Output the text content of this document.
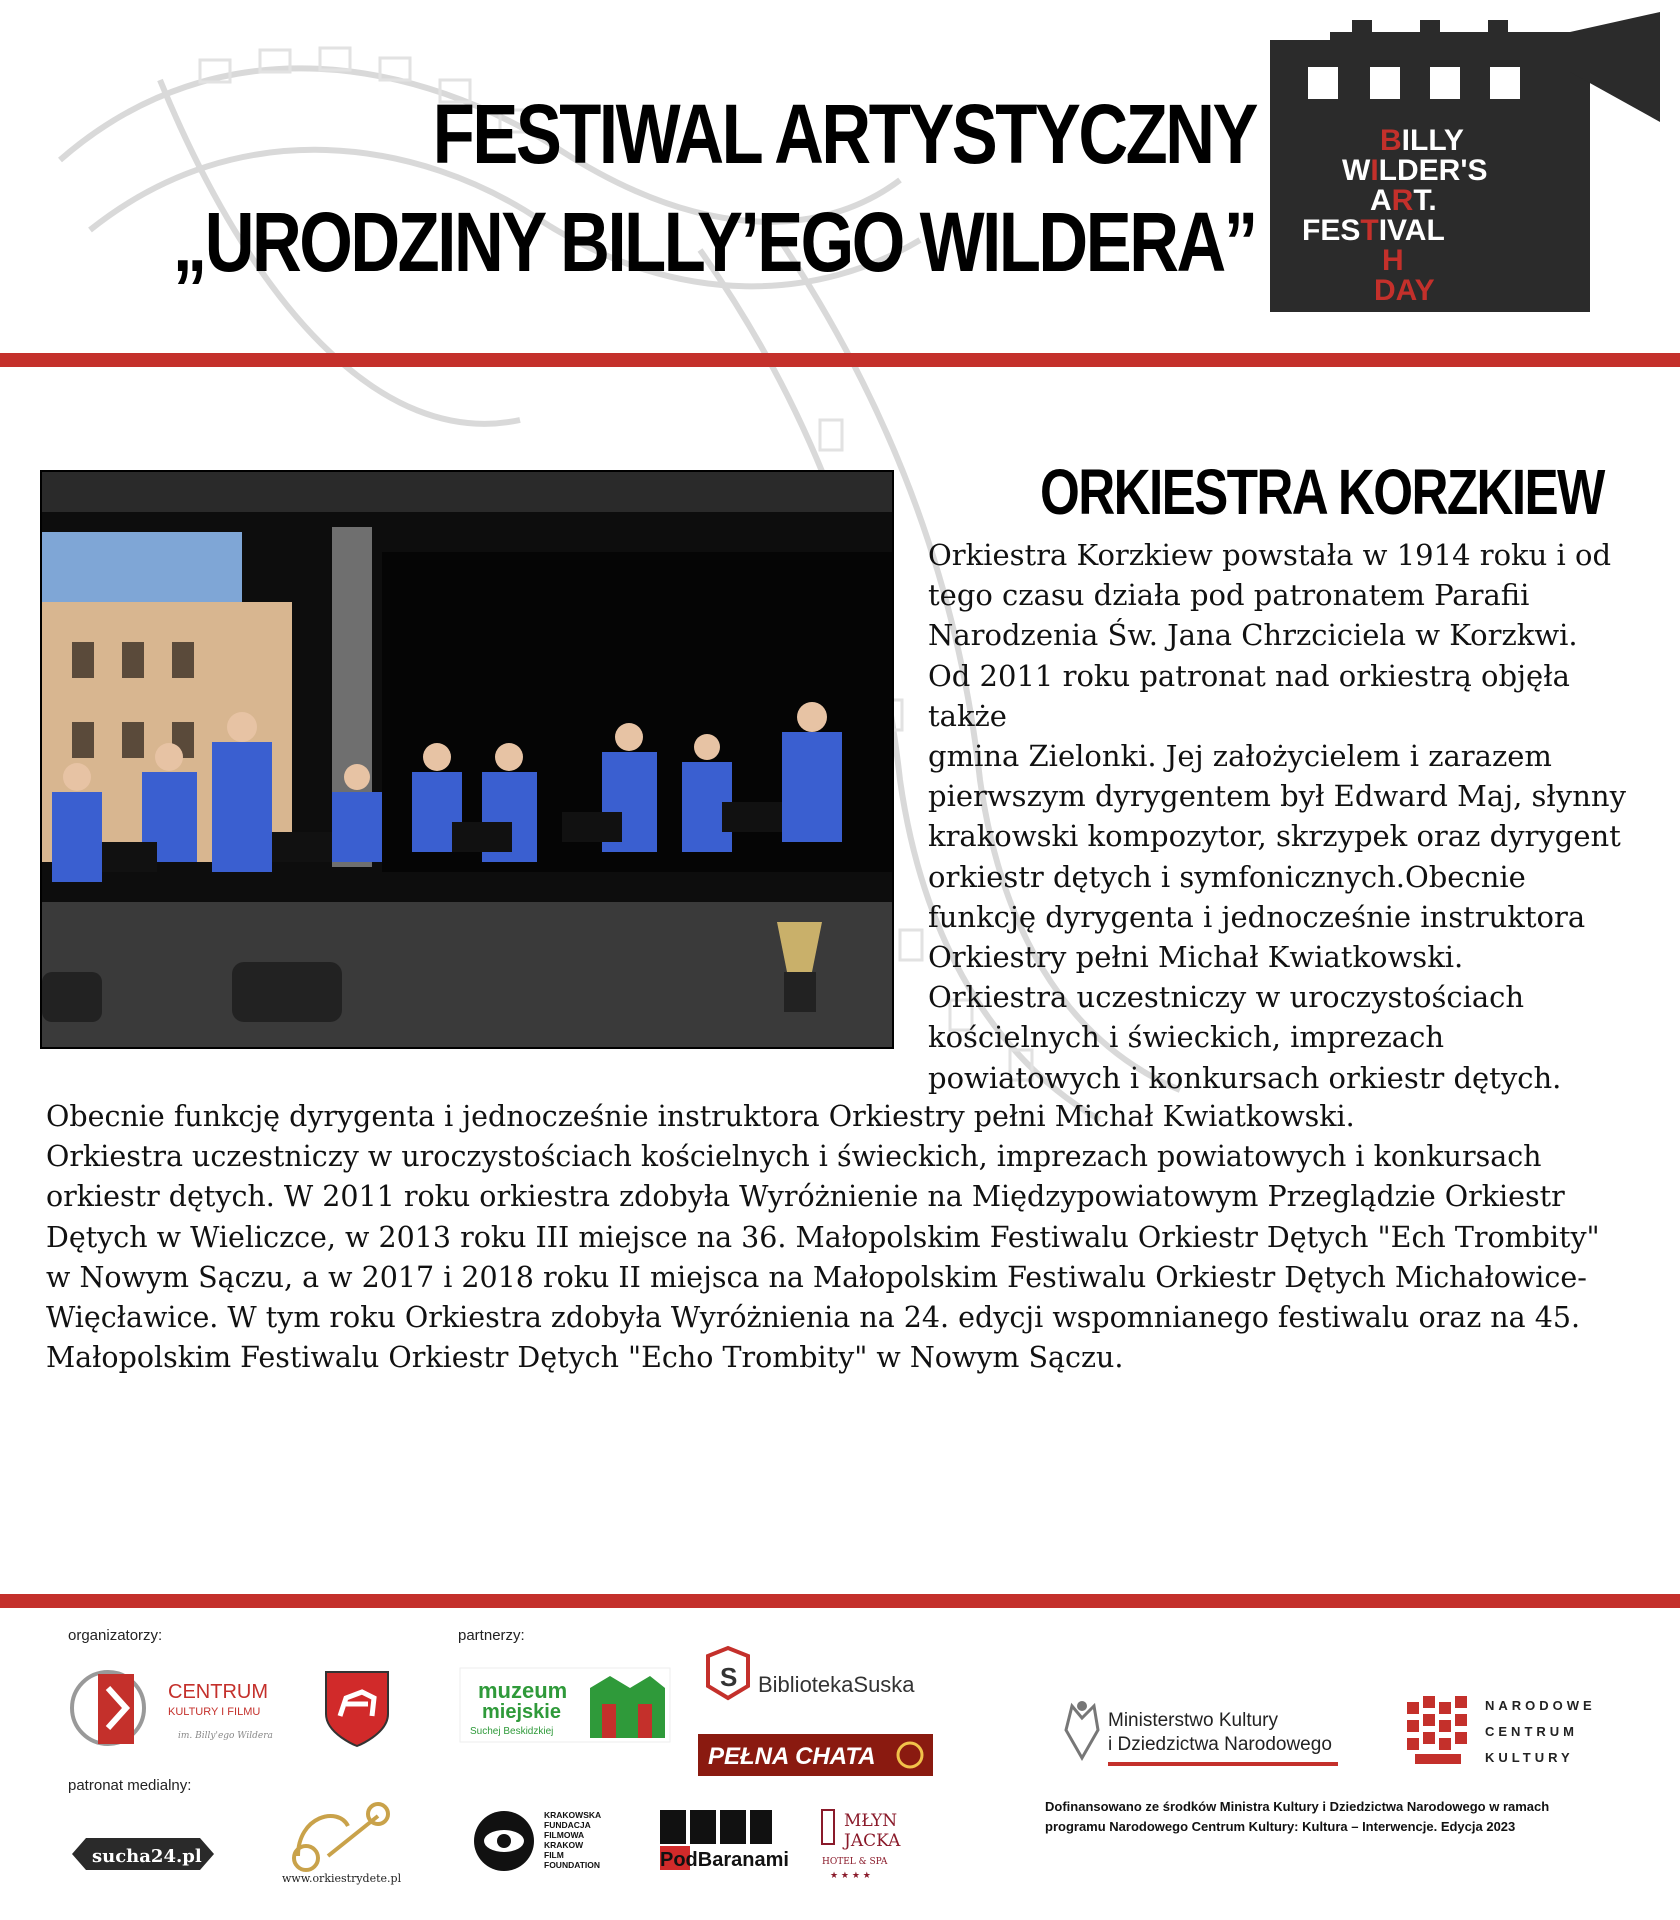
FESTIWAL ARTYSTYCZNY
„URODZINY BILLY’EGO WILDERA”
BILLY
WILDER'S
ART.
FESTIVAL
H
DAY
ORKIESTRA KORZKIEW

Orkiestra Korzkiew powstała w 1914 roku i od

tego czasu działa pod patronatem Parafii

Narodzenia Św. Jana Chrzciciela w Korzkwi.

Od 2011 roku patronat nad orkiestrą objęła także

gmina Zielonki. Jej założycielem i zarazem

pierwszym dyrygentem był Edward Maj, słynny

krakowski kompozytor, skrzypek oraz dyrygent

orkiestr dętych i symfonicznych.Obecnie

funkcję dyrygenta i jednocześnie instruktora

Orkiestry pełni Michał Kwiatkowski.

Orkiestra uczestniczy w uroczystościach

kościelnych i świeckich, imprezach

powiatowych i konkursach orkiestr dętych.

Obecnie funkcję dyrygenta i jednocześnie instruktora Orkiestry pełni Michał Kwiatkowski.

Orkiestra uczestniczy w uroczystościach kościelnych i świeckich, imprezach powiatowych i konkursach

orkiestr dętych. W 2011 roku orkiestra zdobyła Wyróżnienie na Międzypowiatowym Przeglądzie Orkiestr

Dętych w Wieliczce, w 2013 roku III miejsce na 36. Małopolskim Festiwalu Orkiestr Dętych "Ech Trombity"

w Nowym Sączu, a w 2017 i 2018 roku II miejsca na Małopolskim Festiwalu Orkiestr Dętych Michałowice-

Więcławice. W tym roku Orkiestra zdobyła Wyróżnienia na 24. edycji wspomnianego festiwalu oraz na 45.

Małopolskim Festiwalu Orkiestr Dętych "Echo Trombity" w Nowym Sączu.

organizatorzy:	partnerzy:
patronat medialny:
CENTRUM
KULTURY I FILMU
im. Billy'ego Wildera
muzeum
miejskie
Suchej Beskidzkiej
S BibliotekaSuska
PEŁNA CHATA
Ministerstwo Kultury
i Dziedzictwa Narodowego
NARODOWE
CENTRUM
KULTURY
sucha24.pl
www.orkiestrydete.pl
KRAKOWSKA
FUNDACJA
FILMOWA
KRAKOW
FILM
FOUNDATION	PodBaranami
MŁYN
JACKA
HOTEL & SPA
★ ★ ★ ★

Dofinansowano ze środków Ministra Kultury i Dziedzictwa Narodowego w ramach

programu Narodowego Centrum Kultury: Kultura – Interwencje. Edycja 2023
